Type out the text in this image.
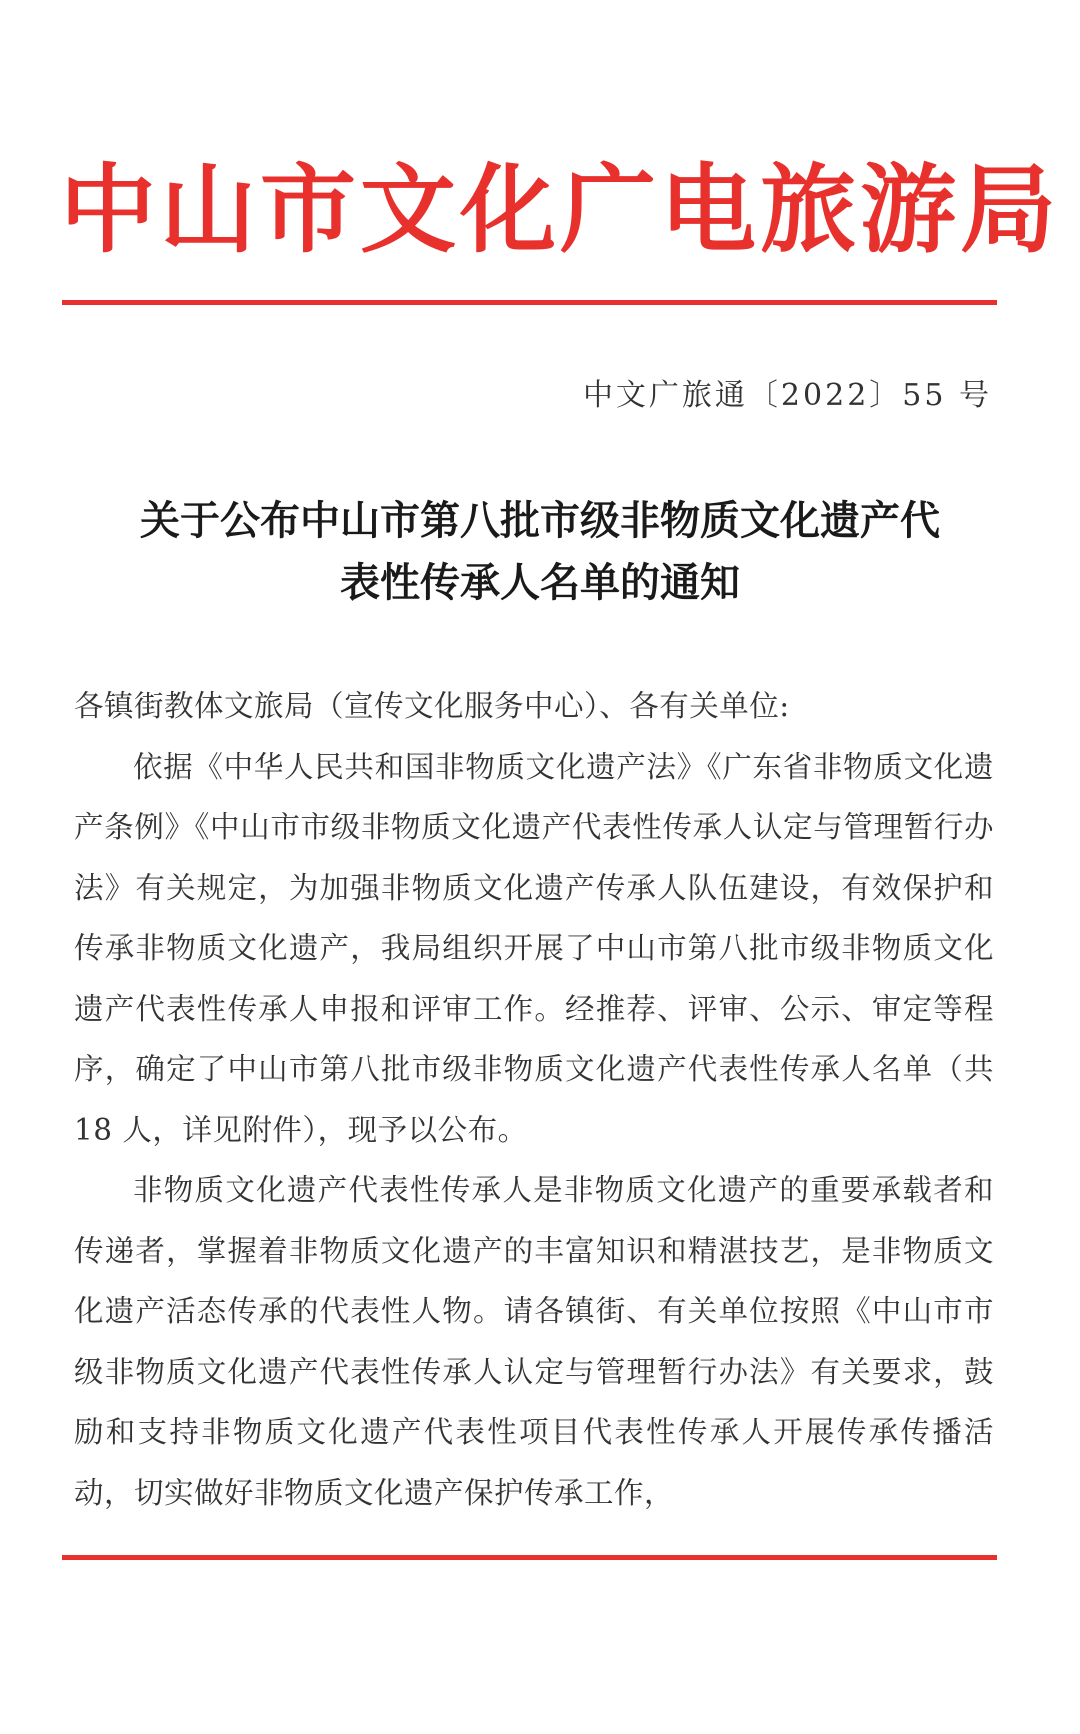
中山市文化广电旅游局
中文广旅通〔2022〕55 号
关于公布中山市第八批市级非物质文化遗产代
表性传承人名单的通知

各镇街教体文旅局（宣传文化服务中心）、各有关单位:

依据《中华人民共和国非物质文化遗产法》《广东省非物质文化遗产条例》《中山市市级非物质文化遗产代表性传承人认定与管理暂行办法》有关规定，为加强非物质文化遗产传承人队伍建设，有效保护和传承非物质文化遗产，我局组织开展了中山市第八批市级非物质文化遗产代表性传承人申报和评审工作。经推荐、评审、公示、审定等程序，确定了中山市第八批市级非物质文化遗产代表性传承人名单（共 18 人，详见附件），现予以公布。

非物质文化遗产代表性传承人是非物质文化遗产的重要承载者和传递者，掌握着非物质文化遗产的丰富知识和精湛技艺，是非物质文化遗产活态传承的代表性人物。请各镇街、有关单位按照《中山市市级非物质文化遗产代表性传承人认定与管理暂行办法》有关要求，鼓励和支持非物质文化遗产代表性项目代表性传承人开展传承传播活动，切实做好非物质文化遗产保护传承工作，
